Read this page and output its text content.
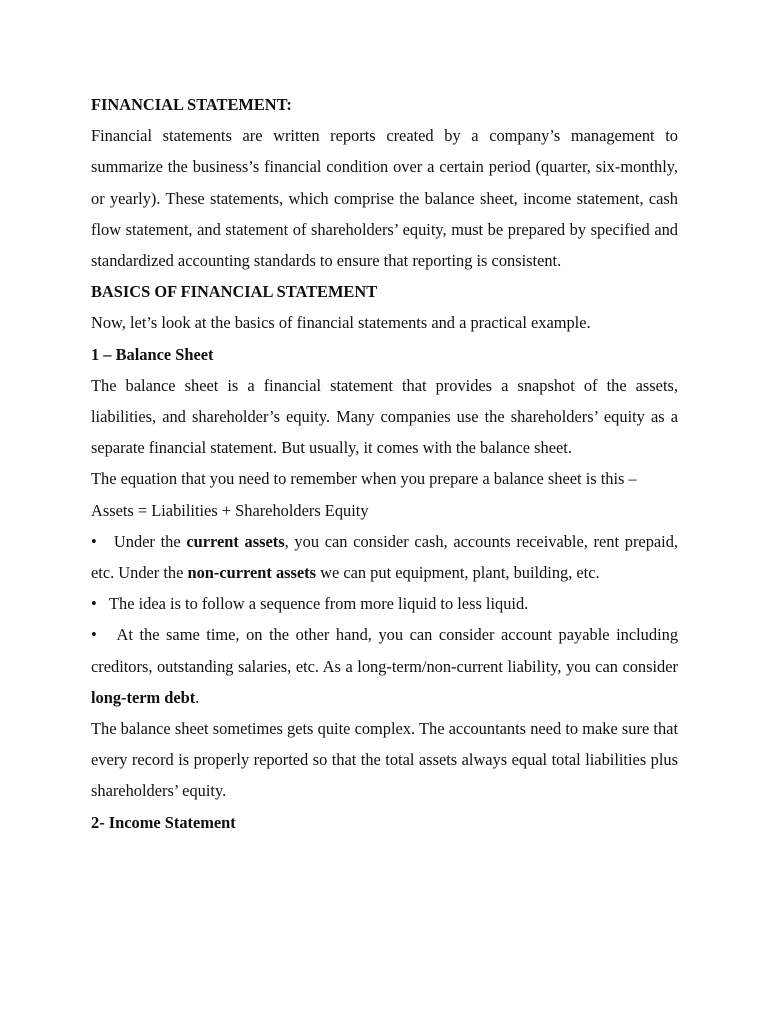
FINANCIAL STATEMENT:

Financial statements are written reports created by a company’s management to summarize the business’s financial condition over a certain period (quarter, six-monthly, or yearly). These statements, which comprise the balance sheet, income statement, cash flow statement, and statement of shareholders’ equity, must be prepared by specified and standardized accounting standards to ensure that reporting is consistent.

BASICS OF FINANCIAL STATEMENT

Now, let’s look at the basics of financial statements and a practical example.

1 – Balance Sheet

The balance sheet is a financial statement that provides a snapshot of the assets, liabilities, and shareholder’s equity. Many companies use the shareholders’ equity as a separate financial statement. But usually, it comes with the balance sheet.

The equation that you need to remember when you prepare a balance sheet is this –

Assets = Liabilities + Shareholders Equity

• Under the current assets, you can consider cash, accounts receivable, rent prepaid, etc. Under the non-current assets we can put equipment, plant, building, etc.

• The idea is to follow a sequence from more liquid to less liquid.

• At the same time, on the other hand, you can consider account payable including creditors, outstanding salaries, etc. As a long-term/non-current liability, you can consider long-term debt.

The balance sheet sometimes gets quite complex. The accountants need to make sure that every record is properly reported so that the total assets always equal total liabilities plus shareholders’ equity.

2- Income Statement
